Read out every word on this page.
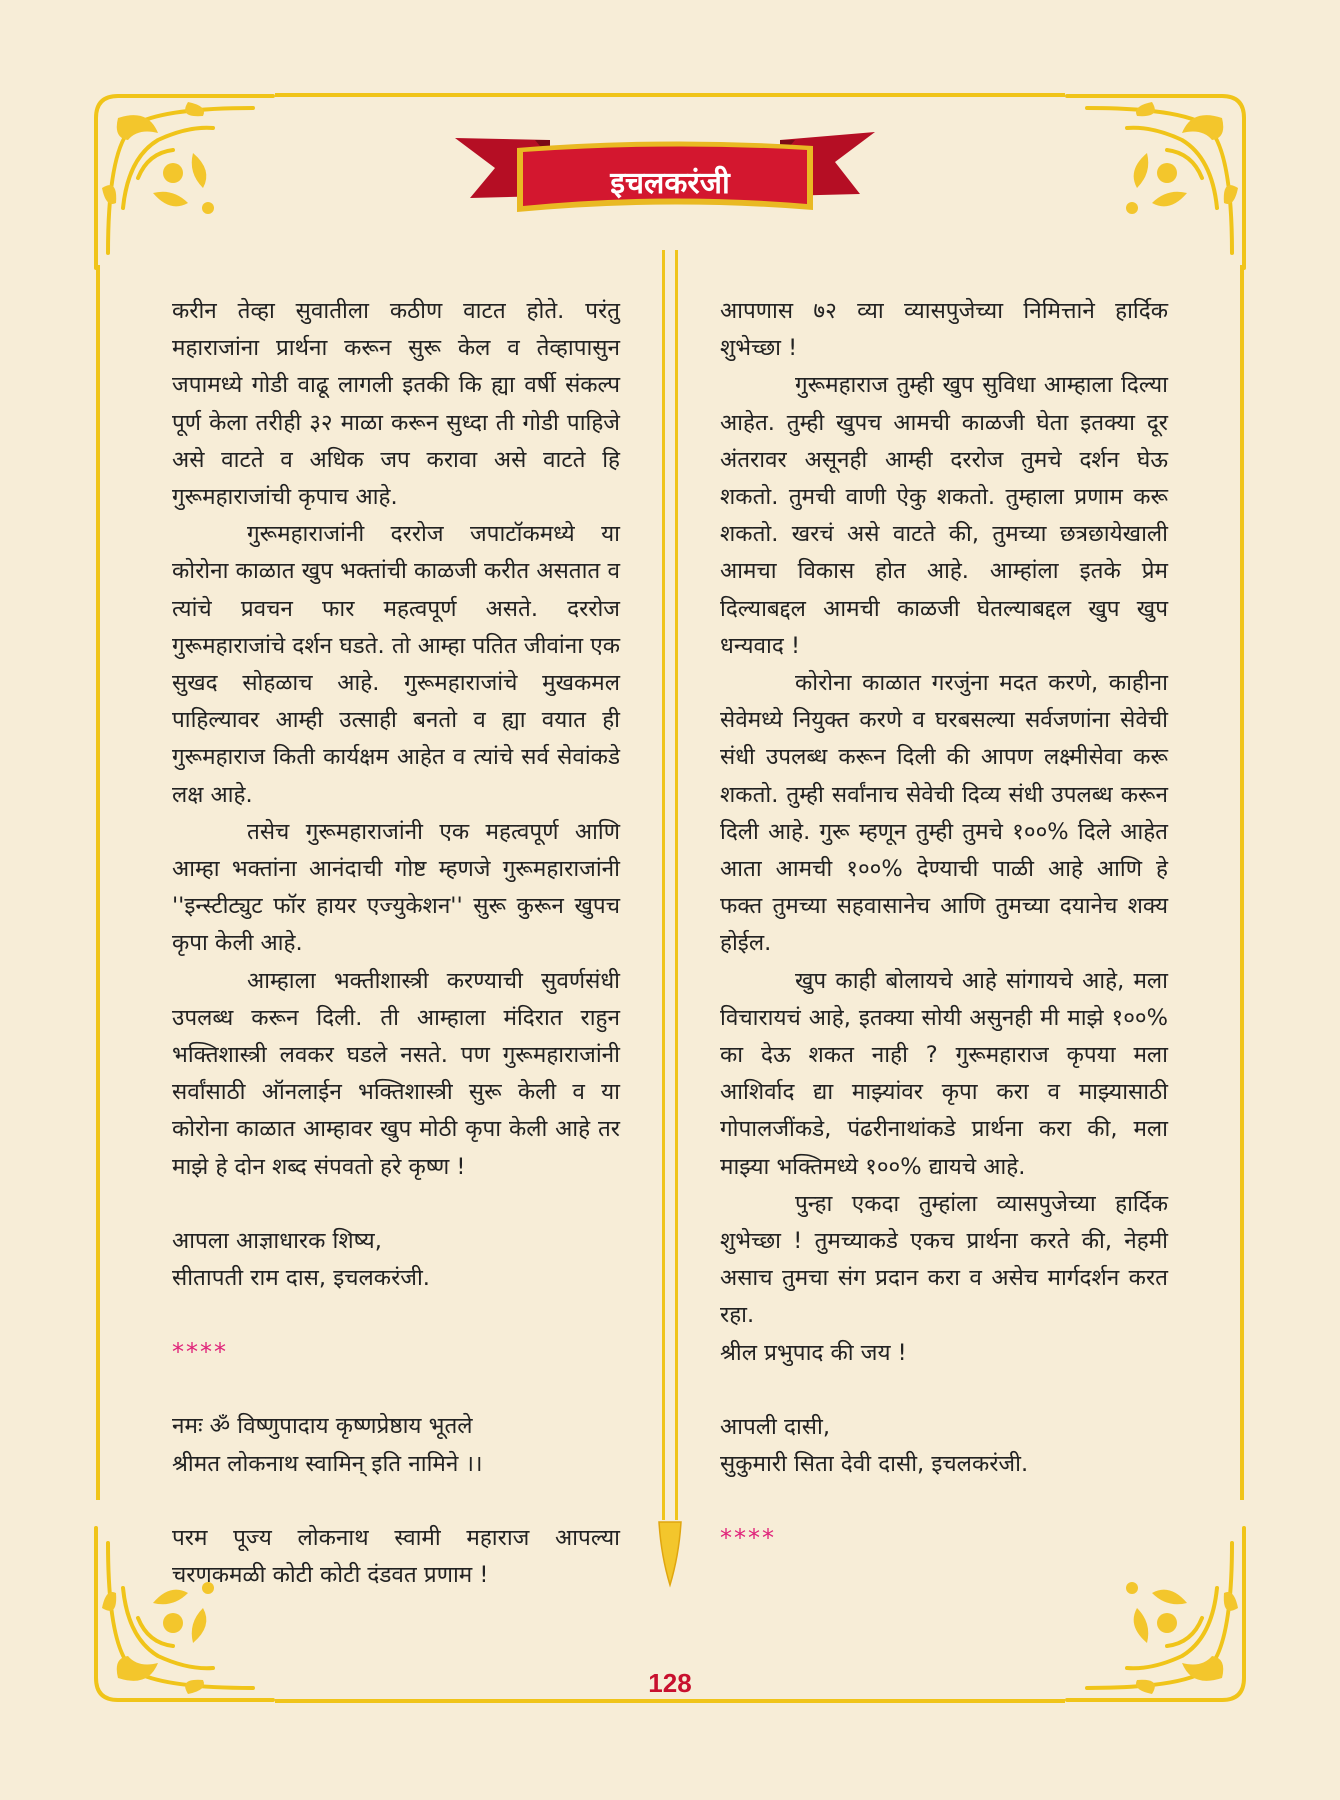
इचलकरंजी

करीन तेव्हा सुवातीला कठीण वाटत होते. परंतु महाराजांना प्रार्थना करून सुरू केल व तेव्हापासुन जपामध्ये गोडी वाढू लागली इतकी कि ह्या वर्षी संकल्प पूर्ण केला तरीही ३२ माळा करून सुध्दा ती गोडी पाहिजे असे वाटते व अधिक जप करावा असे वाटते हि गुरूमहाराजांची कृपाच आहे.

गुरूमहाराजांनी दररोज जपाटॉकमध्ये या कोरोना काळात खुप भक्तांची काळजी करीत असतात व त्यांचे प्रवचन फार महत्वपूर्ण असते. दररोज गुरूमहाराजांचे दर्शन घडते. तो आम्हा पतित जीवांना एक सुखद सोहळाच आहे. गुरूमहाराजांचे मुखकमल पाहिल्यावर आम्ही उत्साही बनतो व ह्या वयात ही गुरूमहाराज किती कार्यक्षम आहेत व त्यांचे सर्व सेवांकडे लक्ष आहे.

तसेच गुरूमहाराजांनी एक महत्वपूर्ण आणि आम्हा भक्तांना आनंदाची गोष्ट म्हणजे गुरूमहाराजांनी ''इन्स्टीट्युट फॉर हायर एज्युकेशन'' सुरू कुरून खुपच कृपा केली आहे.

आम्हाला भक्तीशास्त्री करण्याची सुवर्णसंधी उपलब्ध करून दिली. ती आम्हाला मंदिरात राहुन भक्तिशास्त्री लवकर घडले नसते. पण गुरूमहाराजांनी सर्वांसाठी ऑनलाईन भक्तिशास्त्री सुरू केली व या कोरोना काळात आम्हावर खुप मोठी कृपा केली आहे तर माझे हे दोन शब्द संपवतो हरे कृष्ण !

आपला आज्ञाधारक शिष्य,

सीतापती राम दास, इचलकरंजी.

****

नमः ॐ विष्णुपादाय कृष्णप्रेष्ठाय भूतले

श्रीमत लोकनाथ स्वामिन् इति नामिने ।।

परम पूज्य लोकनाथ स्वामी महाराज आपल्या चरणकमळी कोटी कोटी दंडवत प्रणाम !

आपणास ७२ व्या व्यासपुजेच्या निमित्ताने हार्दिक शुभेच्छा !

गुरूमहाराज तुम्ही खुप सुविधा आम्हाला दिल्या आहेत. तुम्ही खुपच आमची काळजी घेता इतक्या दूर अंतरावर असूनही आम्ही दररोज तुमचे दर्शन घेऊ शकतो. तुमची वाणी ऐकु शकतो. तुम्हाला प्रणाम करू शकतो. खरचं असे वाटते की, तुमच्या छत्रछायेखाली आमचा विकास होत आहे. आम्हांला इतके प्रेम दिल्याबद्दल आमची काळजी घेतल्याबद्दल खुप खुप धन्यवाद !

कोरोना काळात गरजुंना मदत करणे, काहीना सेवेमध्ये नियुक्त करणे व घरबसल्या सर्वजणांना सेवेची संधी उपलब्ध करून दिली की आपण लक्ष्मीसेवा करू शकतो. तुम्ही सर्वांनाच सेवेची दिव्य संधी उपलब्ध करून दिली आहे. गुरू म्हणून तुम्ही तुमचे १००% दिले आहेत आता आमची १००% देण्याची पाळी आहे आणि हे फक्त तुमच्या सहवासानेच आणि तुमच्या दयानेच शक्य होईल.

खुप काही बोलायचे आहे सांगायचे आहे, मला विचारायचं आहे, इतक्या सोयी असुनही मी माझे १००% का देऊ शकत नाही ? गुरूमहाराज कृपया मला आशिर्वाद द्या माझ्यांवर कृपा करा व माझ्यासाठी गोपालजींकडे, पंढरीनाथांकडे प्रार्थना करा की, मला माझ्या भक्तिमध्ये १००% द्यायचे आहे.

पुन्हा एकदा तुम्हांला व्यासपुजेच्या हार्दिक शुभेच्छा ! तुमच्याकडे एकच प्रार्थना करते की, नेहमी असाच तुमचा संग प्रदान करा व असेच मार्गदर्शन करत रहा.

श्रील प्रभुपाद की जय !

आपली दासी,

सुकुमारी सिता देवी दासी, इचलकरंजी.

****

128
